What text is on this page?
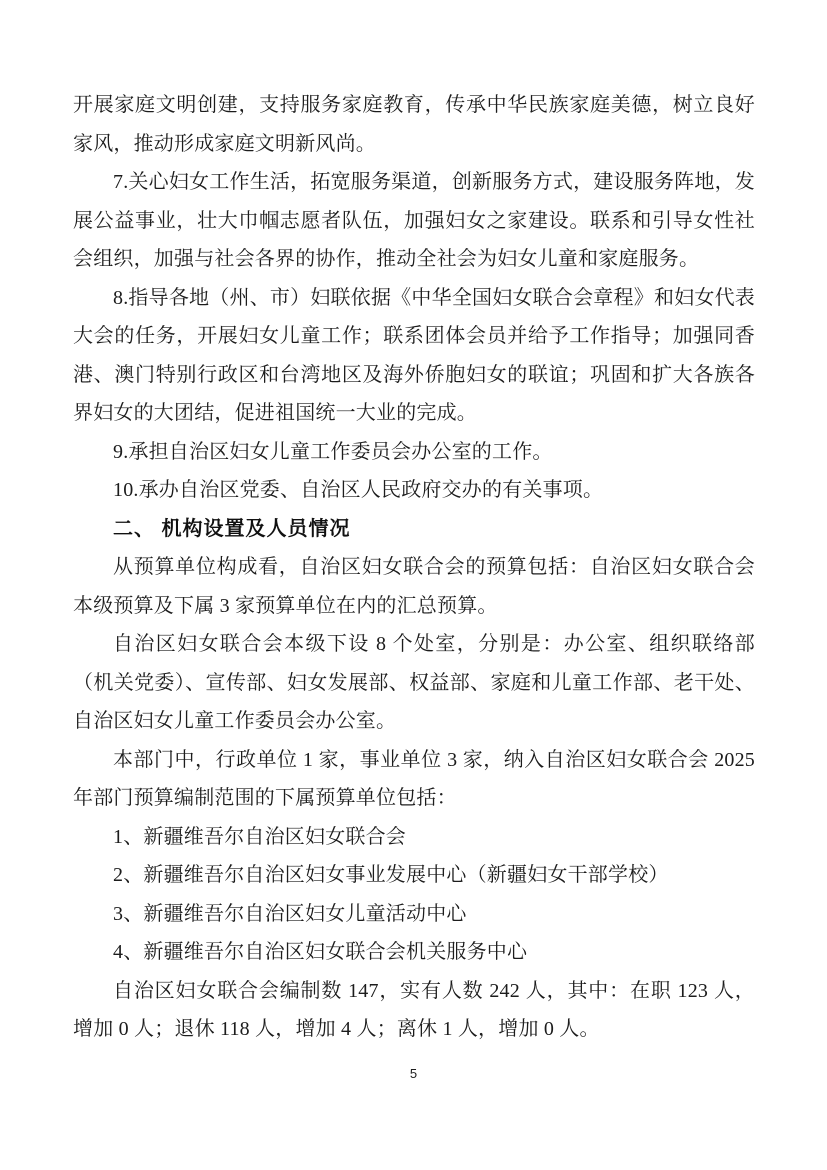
开展家庭文明创建，支持服务家庭教育，传承中华民族家庭美德，树立良好家风，推动形成家庭文明新风尚。

7.关心妇女工作生活，拓宽服务渠道，创新服务方式，建设服务阵地，发展公益事业，壮大巾帼志愿者队伍，加强妇女之家建设。联系和引导女性社会组织，加强与社会各界的协作，推动全社会为妇女儿童和家庭服务。

8.指导各地（州、市）妇联依据《中华全国妇女联合会章程》和妇女代表大会的任务，开展妇女儿童工作；联系团体会员并给予工作指导；加强同香港、澳门特别行政区和台湾地区及海外侨胞妇女的联谊；巩固和扩大各族各界妇女的大团结，促进祖国统一大业的完成。

9.承担自治区妇女儿童工作委员会办公室的工作。

10.承办自治区党委、自治区人民政府交办的有关事项。

二、 机构设置及人员情况

从预算单位构成看，自治区妇女联合会的预算包括：自治区妇女联合会本级预算及下属 3 家预算单位在内的汇总预算。

自治区妇女联合会本级下设 8 个处室，分别是：办公室、组织联络部（机关党委）、宣传部、妇女发展部、权益部、家庭和儿童工作部、老干处、自治区妇女儿童工作委员会办公室。

本部门中，行政单位 1 家，事业单位 3 家，纳入自治区妇女联合会 2025 年部门预算编制范围的下属预算单位包括：

1、新疆维吾尔自治区妇女联合会

2、新疆维吾尔自治区妇女事业发展中心（新疆妇女干部学校）

3、新疆维吾尔自治区妇女儿童活动中心

4、新疆维吾尔自治区妇女联合会机关服务中心

自治区妇女联合会编制数 147，实有人数 242 人，其中：在职 123 人，增加 0 人；退休 118 人，增加 4 人；离休 1 人，增加 0 人。

5
